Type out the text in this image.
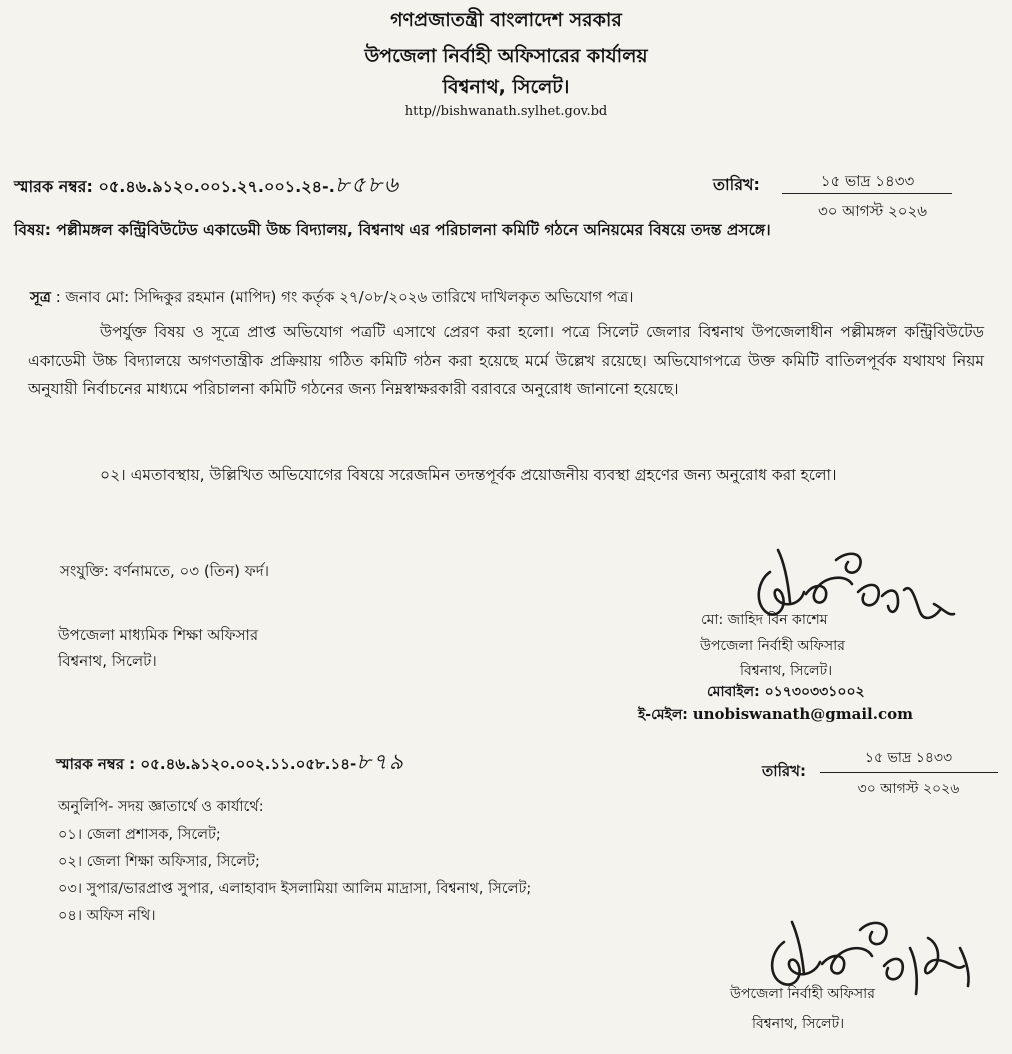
গণপ্রজাতন্ত্রী বাংলাদেশ সরকার
উপজেলা নির্বাহী অফিসারের কার্যালয়
বিশ্বনাথ, সিলেট।
http//bishwanath.sylhet.gov.bd
স্মারক নম্বর: ০৫.৪৬.৯১২০.০০১.২৭.০০১.২৪-.৮৫৮৬	তারিখ:	১৫ ভাদ্র ১৪৩৩
৩০ আগস্ট ২০২৬
বিষয়: পল্লীমঙ্গল কন্ট্রিবিউটেড একাডেমী উচ্চ বিদ্যালয়, বিশ্বনাথ এর পরিচালনা কমিটি গঠনে অনিয়মের বিষয়ে তদন্ত প্রসঙ্গে।
সূত্র : জনাব মো: সিদ্দিকুর রহমান (মাপিদ) গং কর্তৃক ২৭/০৮/২০২৬ তারিখে দাখিলকৃত অভিযোগ পত্র।
উপর্যুক্ত বিষয় ও সূত্রে প্রাপ্ত অভিযোগ পত্রটি এসাথে প্রেরণ করা হলো। পত্রে সিলেট জেলার বিশ্বনাথ উপজেলাধীন পল্লীমঙ্গল কন্ট্রিবিউটেড একাডেমী উচ্চ বিদ্যালয়ে অগণতান্ত্রীক প্রক্রিয়ায় গঠিত কমিটি গঠন করা হয়েছে মর্মে উল্লেখ রয়েছে। অভিযোগপত্রে উক্ত কমিটি বাতিলপূর্বক যথাযথ নিয়ম অনুযায়ী নির্বাচনের মাধ্যমে পরিচালনা কমিটি গঠনের জন্য নিম্নস্বাক্ষরকারী বরাবরে অনুরোধ জানানো হয়েছে।
০২। এমতাবস্থায়, উল্লিখিত অভিযোগের বিষয়ে সরেজমিন তদন্তপূর্বক প্রয়োজনীয় ব্যবস্থা গ্রহণের জন্য অনুরোধ করা হলো।
সংযুক্তি: বর্ণনামতে, ০৩ (তিন) ফর্দ।
উপজেলা মাধ্যমিক শিক্ষা অফিসার
বিশ্বনাথ, সিলেট।
মো: জাহিদ বিন কাশেম
উপজেলা নির্বাহী অফিসার
বিশ্বনাথ, সিলেট।
মোবাইল: ০১৭৩০৩৩১০০২
ই-মেইল: unobiswanath@gmail.com
স্মারক নম্বর : ০৫.৪৬.৯১২০.০০২.১১.০৫৮.১৪-৮৭৯	তারিখ:
১৫ ভাদ্র ১৪৩৩
৩০ আগস্ট ২০২৬
অনুলিপি- সদয় জ্ঞাতার্থে ও কার্যার্থে:
০১। জেলা প্রশাসক, সিলেট;
০২। জেলা শিক্ষা অফিসার, সিলেট;
০৩। সুপার/ভারপ্রাপ্ত সুপার, এলাহাবাদ ইসলামিয়া আলিম মাদ্রাসা, বিশ্বনাথ, সিলেট;
০৪। অফিস নথি।
উপজেলা নির্বাহী অফিসার
বিশ্বনাথ, সিলেট।
